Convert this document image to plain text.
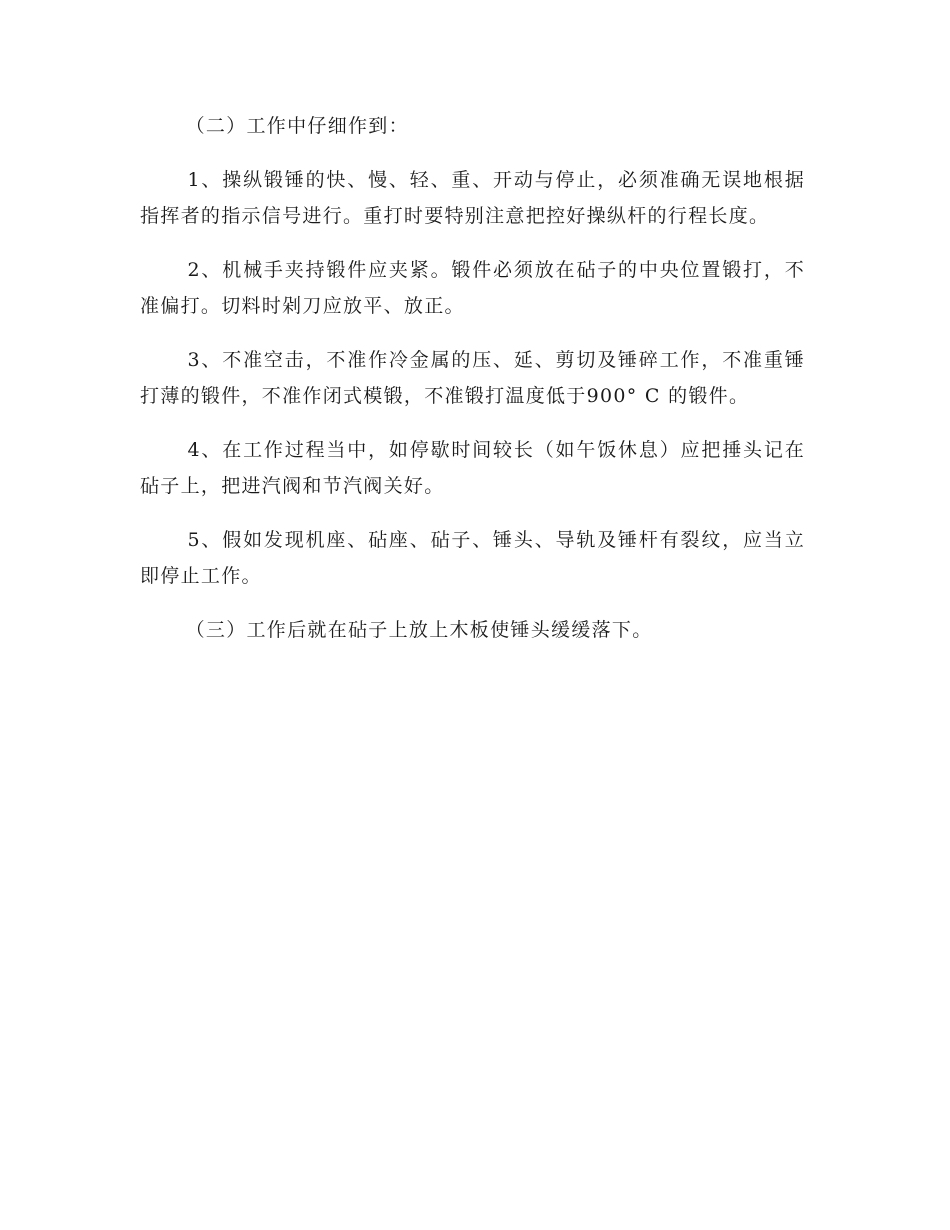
（二）工作中仔细作到：

1、操纵锻锤的快、慢、轻、重、开动与停止，必须准确无误地根据指挥者的指示信号进行。重打时要特别注意把控好操纵杆的行程长度。

2、机械手夹持锻件应夹紧。锻件必须放在砧子的中央位置锻打，不准偏打。切料时剁刀应放平、放正。

3、不准空击，不准作冷金属的压、延、剪切及锤碎工作，不准重锤打薄的锻件，不准作闭式模锻，不准锻打温度低于900° C 的锻件。

4、在工作过程当中，如停歇时间较长（如午饭休息）应把捶头记在砧子上，把进汽阀和节汽阀关好。

5、假如发现机座、砧座、砧子、锤头、导轨及锤杆有裂纹，应当立即停止工作。

（三）工作后就在砧子上放上木板使锤头缓缓落下。
